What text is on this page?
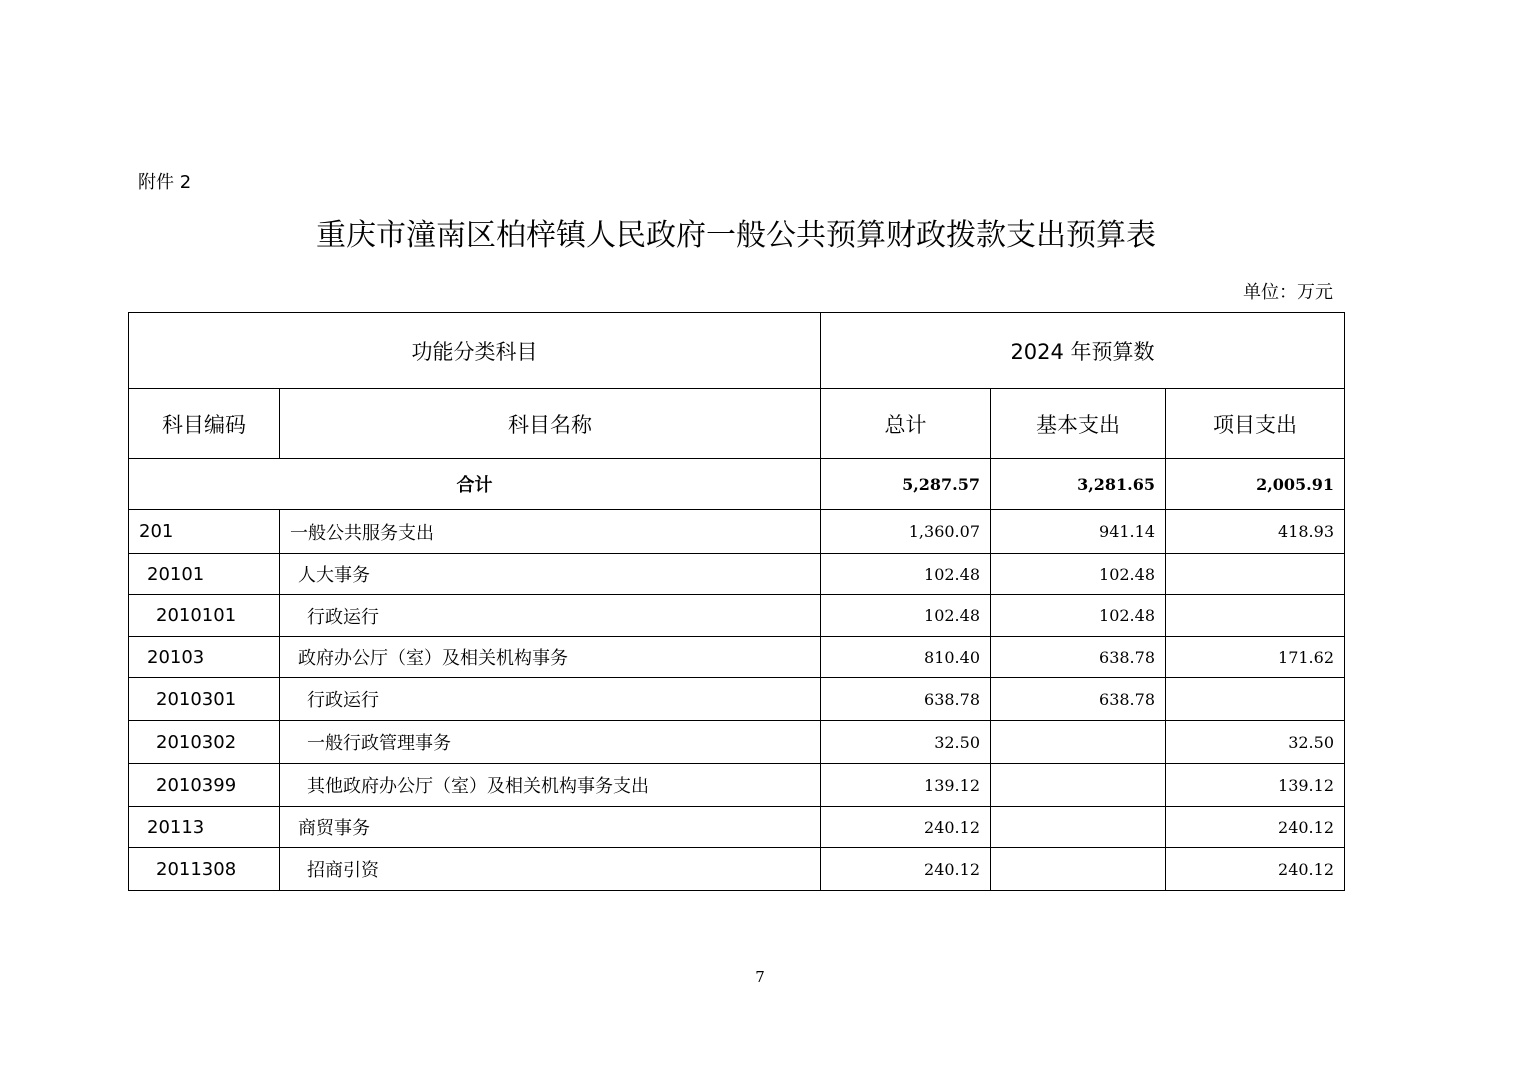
附件 2
重庆市潼南区柏梓镇人民政府一般公共预算财政拨款支出预算表
单位：万元
功能分类科目		2024 年预算数		
科目编码	科目名称	总计	基本支出	项目支出
合计		5,287.57	3,281.65	2,005.91
201	一般公共服务支出	1,360.07	941.14	418.93
20101	人大事务	102.48	102.48	
2010101	行政运行	102.48	102.48	
20103	政府办公厅（室）及相关机构事务	810.40	638.78	171.62
2010301	行政运行	638.78	638.78	
2010302	一般行政管理事务	32.50		32.50
2010399	其他政府办公厅（室）及相关机构事务支出	139.12		139.12
20113	商贸事务	240.12		240.12
2011308	招商引资	240.12		240.12
7
